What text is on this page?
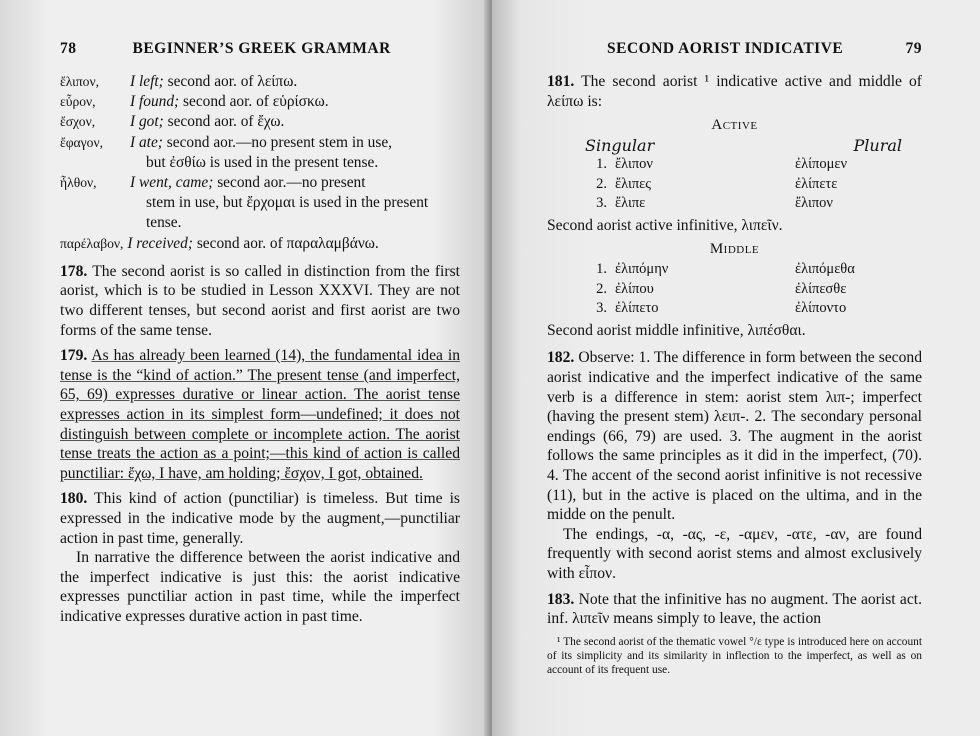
78	BEGINNER’S GREEK GRAMMAR
ἔλιπον,	I left; second aor. of λείπω.
εὗρον,	I found; second aor. of εὑρίσκω.
ἔσχον,	I got; second aor. of ἔχω.
ἔφαγον,	I ate; second aor.—no present stem in use,
but ἐσθίω is used in the present tense.
ἦλθον,	I went, came; second aor.—no present
stem in use, but ἔρχομαι is used in the present tense.
παρέλαβον, I received; second aor. of παραλαμβάνω.

178. The second aorist is so called in distinction from the first aorist, which is to be studied in Lesson XXXVI. They are not two different tenses, but second aorist and first aorist are two forms of the same tense.

179. As has already been learned (14), the fundamental idea in tense is the “kind of action.” The present tense (and imperfect, 65, 69) expresses durative or linear action. The aorist tense expresses action in its simplest form—undefined; it does not distinguish between complete or incomplete action. The aorist tense treats the action as a point;—this kind of action is called punctiliar: ἔχω, I have, am holding; ἔσχον, I got, obtained.

180. This kind of action (punctiliar) is timeless. But time is expressed in the indicative mode by the augment,—punctiliar action in past time, generally.

In narrative the difference between the aorist indicative and the imperfect indicative is just this: the aorist indicative expresses punctiliar action in past time, while the imperfect indicative expresses durative action in past time.

SECOND AORIST INDICATIVE	79

181. The second aorist ¹ indicative active and middle of λείπω is:

Active
Singular	Plural
1. ἔλιπον	ἐλίπομεν
2. ἔλιπες	ἐλίπετε
3. ἔλιπε	ἔλιπον

Second aorist active infinitive, λιπεῖν.

Middle
1. ἐλιπόμην	ἐλιπόμεθα
2. ἐλίπου	ἐλίπεσθε
3. ἐλίπετο	ἐλίποντο

Second aorist middle infinitive, λιπέσθαι.

182. Observe: 1. The difference in form between the second aorist indicative and the imperfect indicative of the same verb is a difference in stem: aorist stem λιπ-; imperfect (having the present stem) λειπ-. 2. The secondary personal endings (66, 79) are used. 3. The augment in the aorist follows the same principles as it did in the imperfect, (70). 4. The accent of the second aorist infinitive is not recessive (11), but in the active is placed on the ultima, and in the midde on the penult.

The endings, -α, -ας, -ε, -αμεν, -ατε, -αν, are found frequently with second aorist stems and almost exclusively with εἶπον.

183. Note that the infinitive has no augment. The aorist act. inf. λιπεῖν means simply to leave, the action

¹ The second aorist of the thematic vowel °/ε type is introduced here on account of its simplicity and its similarity in inflection to the imperfect, as well as on account of its frequent use.
